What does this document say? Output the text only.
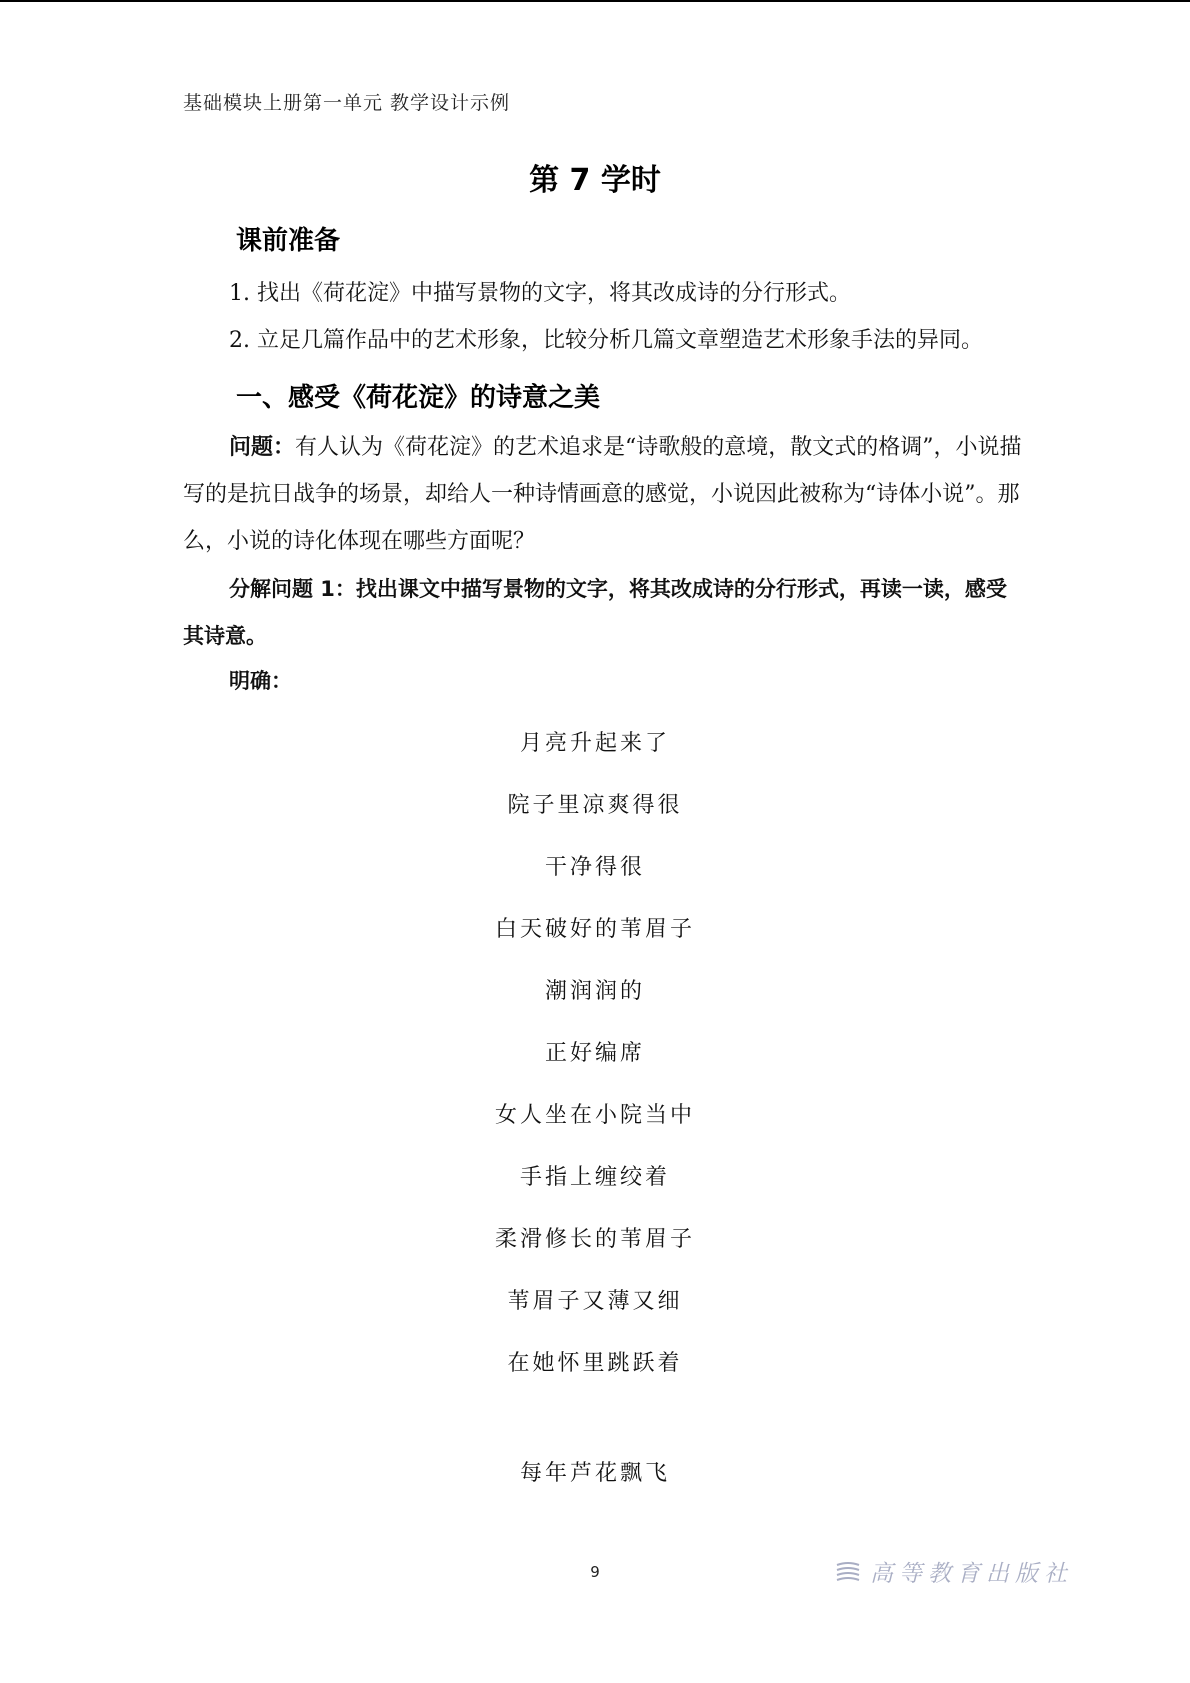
基础模块上册第一单元 教学设计示例
第 7 学时
课前准备
1. 找出《荷花淀》中描写景物的文字，将其改成诗的分行形式。
2. 立足几篇作品中的艺术形象，比较分析几篇文章塑造艺术形象手法的异同。
一、感受《荷花淀》的诗意之美
问题：有人认为《荷花淀》的艺术追求是“诗歌般的意境，散文式的格调”，小说描写的是抗日战争的场景，却给人一种诗情画意的感觉，小说因此被称为“诗体小说”。那么，小说的诗化体现在哪些方面呢？
分解问题 1：找出课文中描写景物的文字，将其改成诗的分行形式，再读一读，感受其诗意。
明确：
月亮升起来了
院子里凉爽得很
干净得很
白天破好的苇眉子
潮润润的
正好编席
女人坐在小院当中
手指上缠绞着
柔滑修长的苇眉子
苇眉子又薄又细
在她怀里跳跃着
每年芦花飘飞
9	高等教育出版社
